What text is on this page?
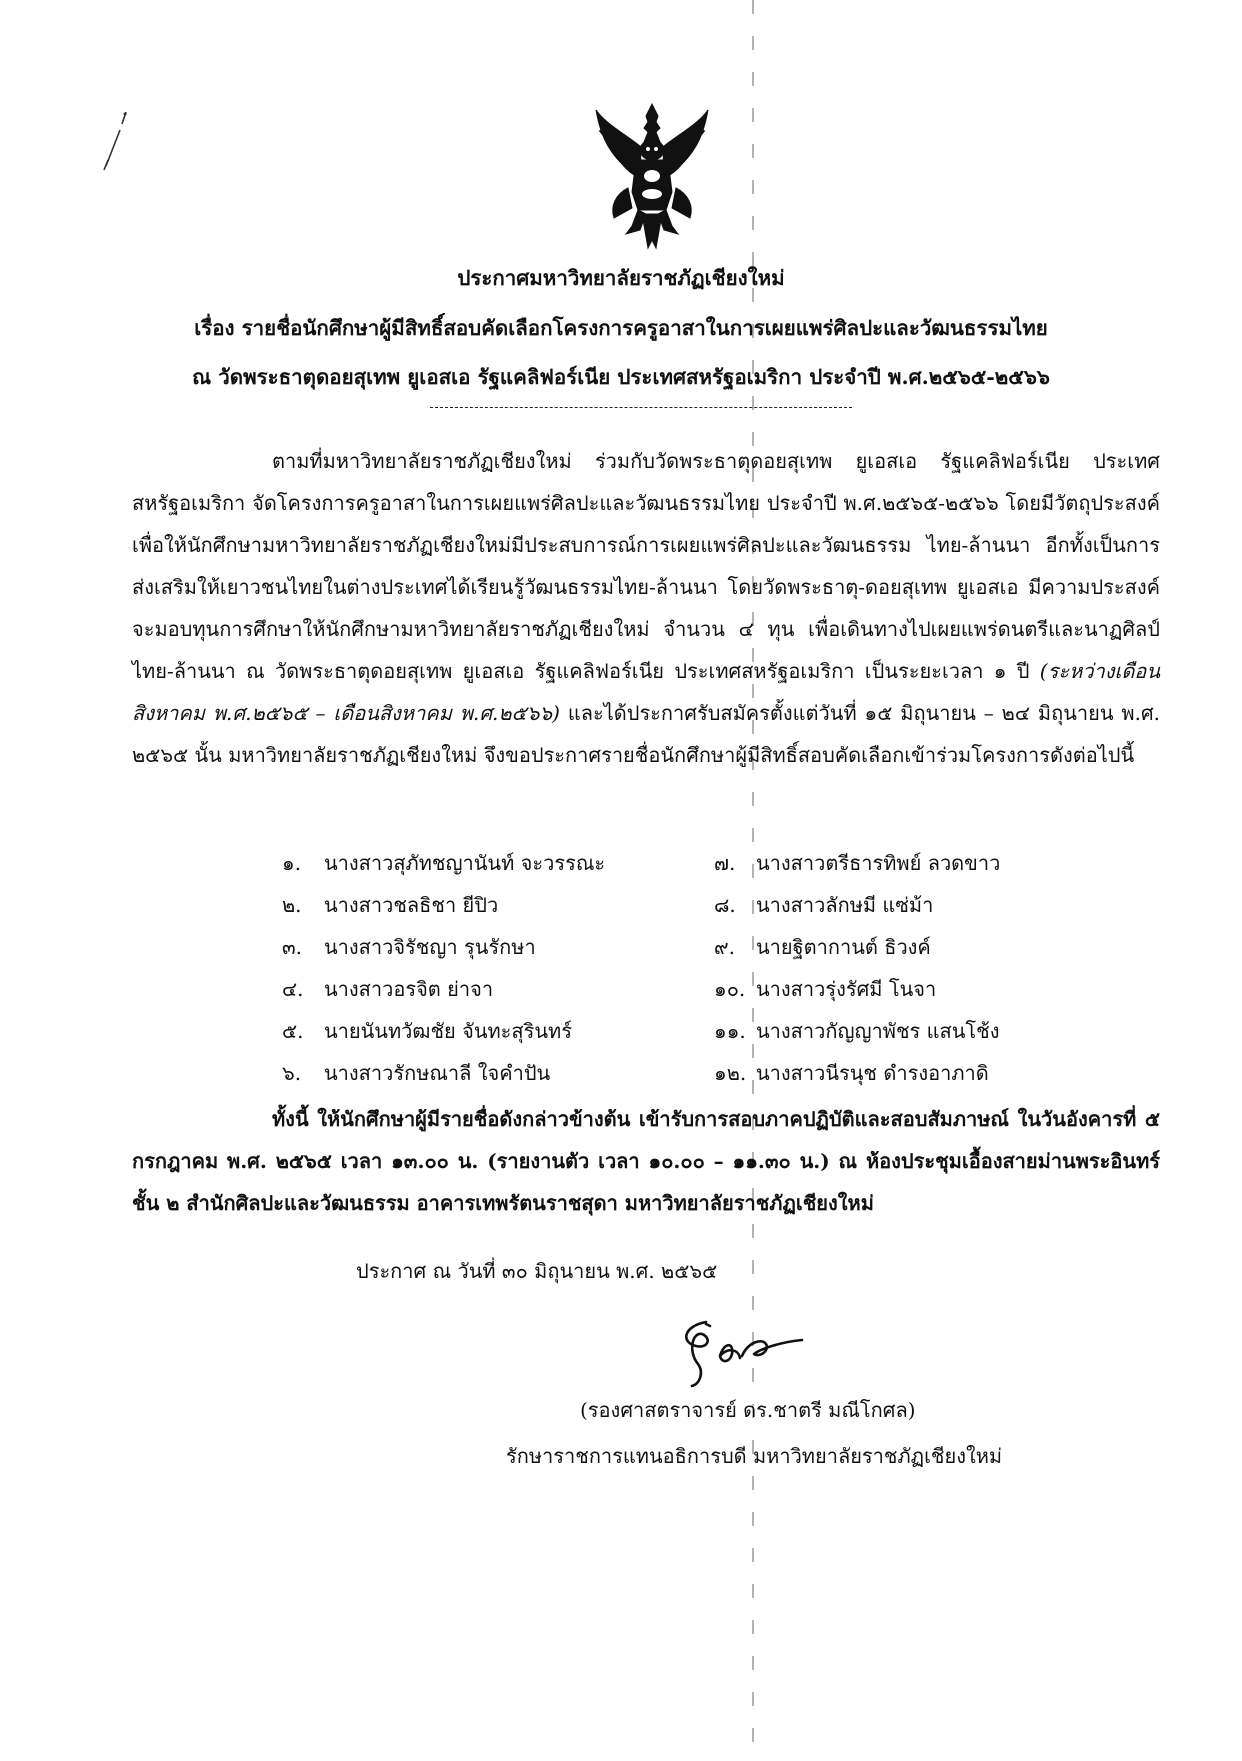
ประกาศมหาวิทยาลัยราชภัฏเชียงใหม่
เรื่อง รายชื่อนักศึกษาผู้มีสิทธิ์สอบคัดเลือกโครงการครูอาสาในการเผยแพร่ศิลปะและวัฒนธรรมไทย
ณ วัดพระธาตุดอยสุเทพ ยูเอสเอ รัฐแคลิฟอร์เนีย ประเทศสหรัฐอเมริกา ประจำปี พ.ศ.๒๕๖๕-๒๕๖๖

ตามที่มหาวิทยาลัยราชภัฏเชียงใหม่ ร่วมกับวัดพระธาตุดอยสุเทพ ยูเอสเอ รัฐแคลิฟอร์เนีย ประเทศสหรัฐอเมริกา จัดโครงการครูอาสาในการเผยแพร่ศิลปะและวัฒนธรรมไทย ประจำปี พ.ศ.๒๕๖๕-๒๕๖๖ โดยมีวัตถุประสงค์เพื่อให้นักศึกษามหาวิทยาลัยราชภัฏเชียงใหม่มีประสบการณ์การเผยแพร่ศิลปะและวัฒนธรรม ไทย-ล้านนา อีกทั้งเป็นการส่งเสริมให้เยาวชนไทยในต่างประเทศได้เรียนรู้วัฒนธรรมไทย-ล้านนา โดยวัดพระธาตุ-ดอยสุเทพ ยูเอสเอ มีความประสงค์จะมอบทุนการศึกษาให้นักศึกษามหาวิทยาลัยราชภัฏเชียงใหม่ จำนวน ๔ ทุน เพื่อเดินทางไปเผยแพร่ดนตรีและนาฏศิลป์ไทย-ล้านนา ณ วัดพระธาตุดอยสุเทพ ยูเอสเอ รัฐแคลิฟอร์เนีย ประเทศสหรัฐอเมริกา เป็นระยะเวลา ๑ ปี (ระหว่างเดือนสิงหาคม พ.ศ.๒๕๖๕ – เดือนสิงหาคม พ.ศ.๒๕๖๖) และได้ประกาศรับสมัครตั้งแต่วันที่ ๑๕ มิถุนายน – ๒๔ มิถุนายน พ.ศ. ๒๕๖๕ นั้น มหาวิทยาลัยราชภัฏเชียงใหม่ จึงขอประกาศรายชื่อนักศึกษาผู้มีสิทธิ์สอบคัดเลือกเข้าร่วมโครงการดังต่อไปนี้

๑. นางสาวสุภัทชญานันท์ จะวรรณะ
๒. นางสาวชลธิชา ยีปิว
๓. นางสาวจิรัชญา รุนรักษา
๔. นางสาวอรจิต ย่าจา
๕. นายนันทวัฒชัย จันทะสุรินทร์
๖. นางสาวรักษณาลี ใจคำปัน
๗. นางสาวตรีธารทิพย์ ลวดขาว
๘. นางสาวลักษมี แซ่ม้า
๙. นายฐิตากานต์ ธิวงค์
๑๐. นางสาวรุ่งรัศมี โนจา
๑๑. นางสาวกัญญาพัชร แสนโช้ง
๑๒. นางสาวนีรนุช ดำรงอาภาดิ

ทั้งนี้ ให้นักศึกษาผู้มีรายชื่อดังกล่าวข้างต้น เข้ารับการสอบภาคปฏิบัติและสอบสัมภาษณ์ ในวันอังคารที่ ๕ กรกฎาคม พ.ศ. ๒๕๖๕ เวลา ๑๓.๐๐ น. (รายงานตัว เวลา ๑๐.๐๐ – ๑๑.๓๐ น.) ณ ห้องประชุมเอื้องสายม่านพระอินทร์ ชั้น ๒ สำนักศิลปะและวัฒนธรรม อาคารเทพรัตนราชสุดา มหาวิทยาลัยราชภัฏเชียงใหม่

ประกาศ ณ วันที่ ๓๐ มิถุนายน พ.ศ. ๒๕๖๕
(รองศาสตราจารย์ ดร.ชาตรี มณีโกศล)
รักษาราชการแทนอธิการบดี มหาวิทยาลัยราชภัฏเชียงใหม่
